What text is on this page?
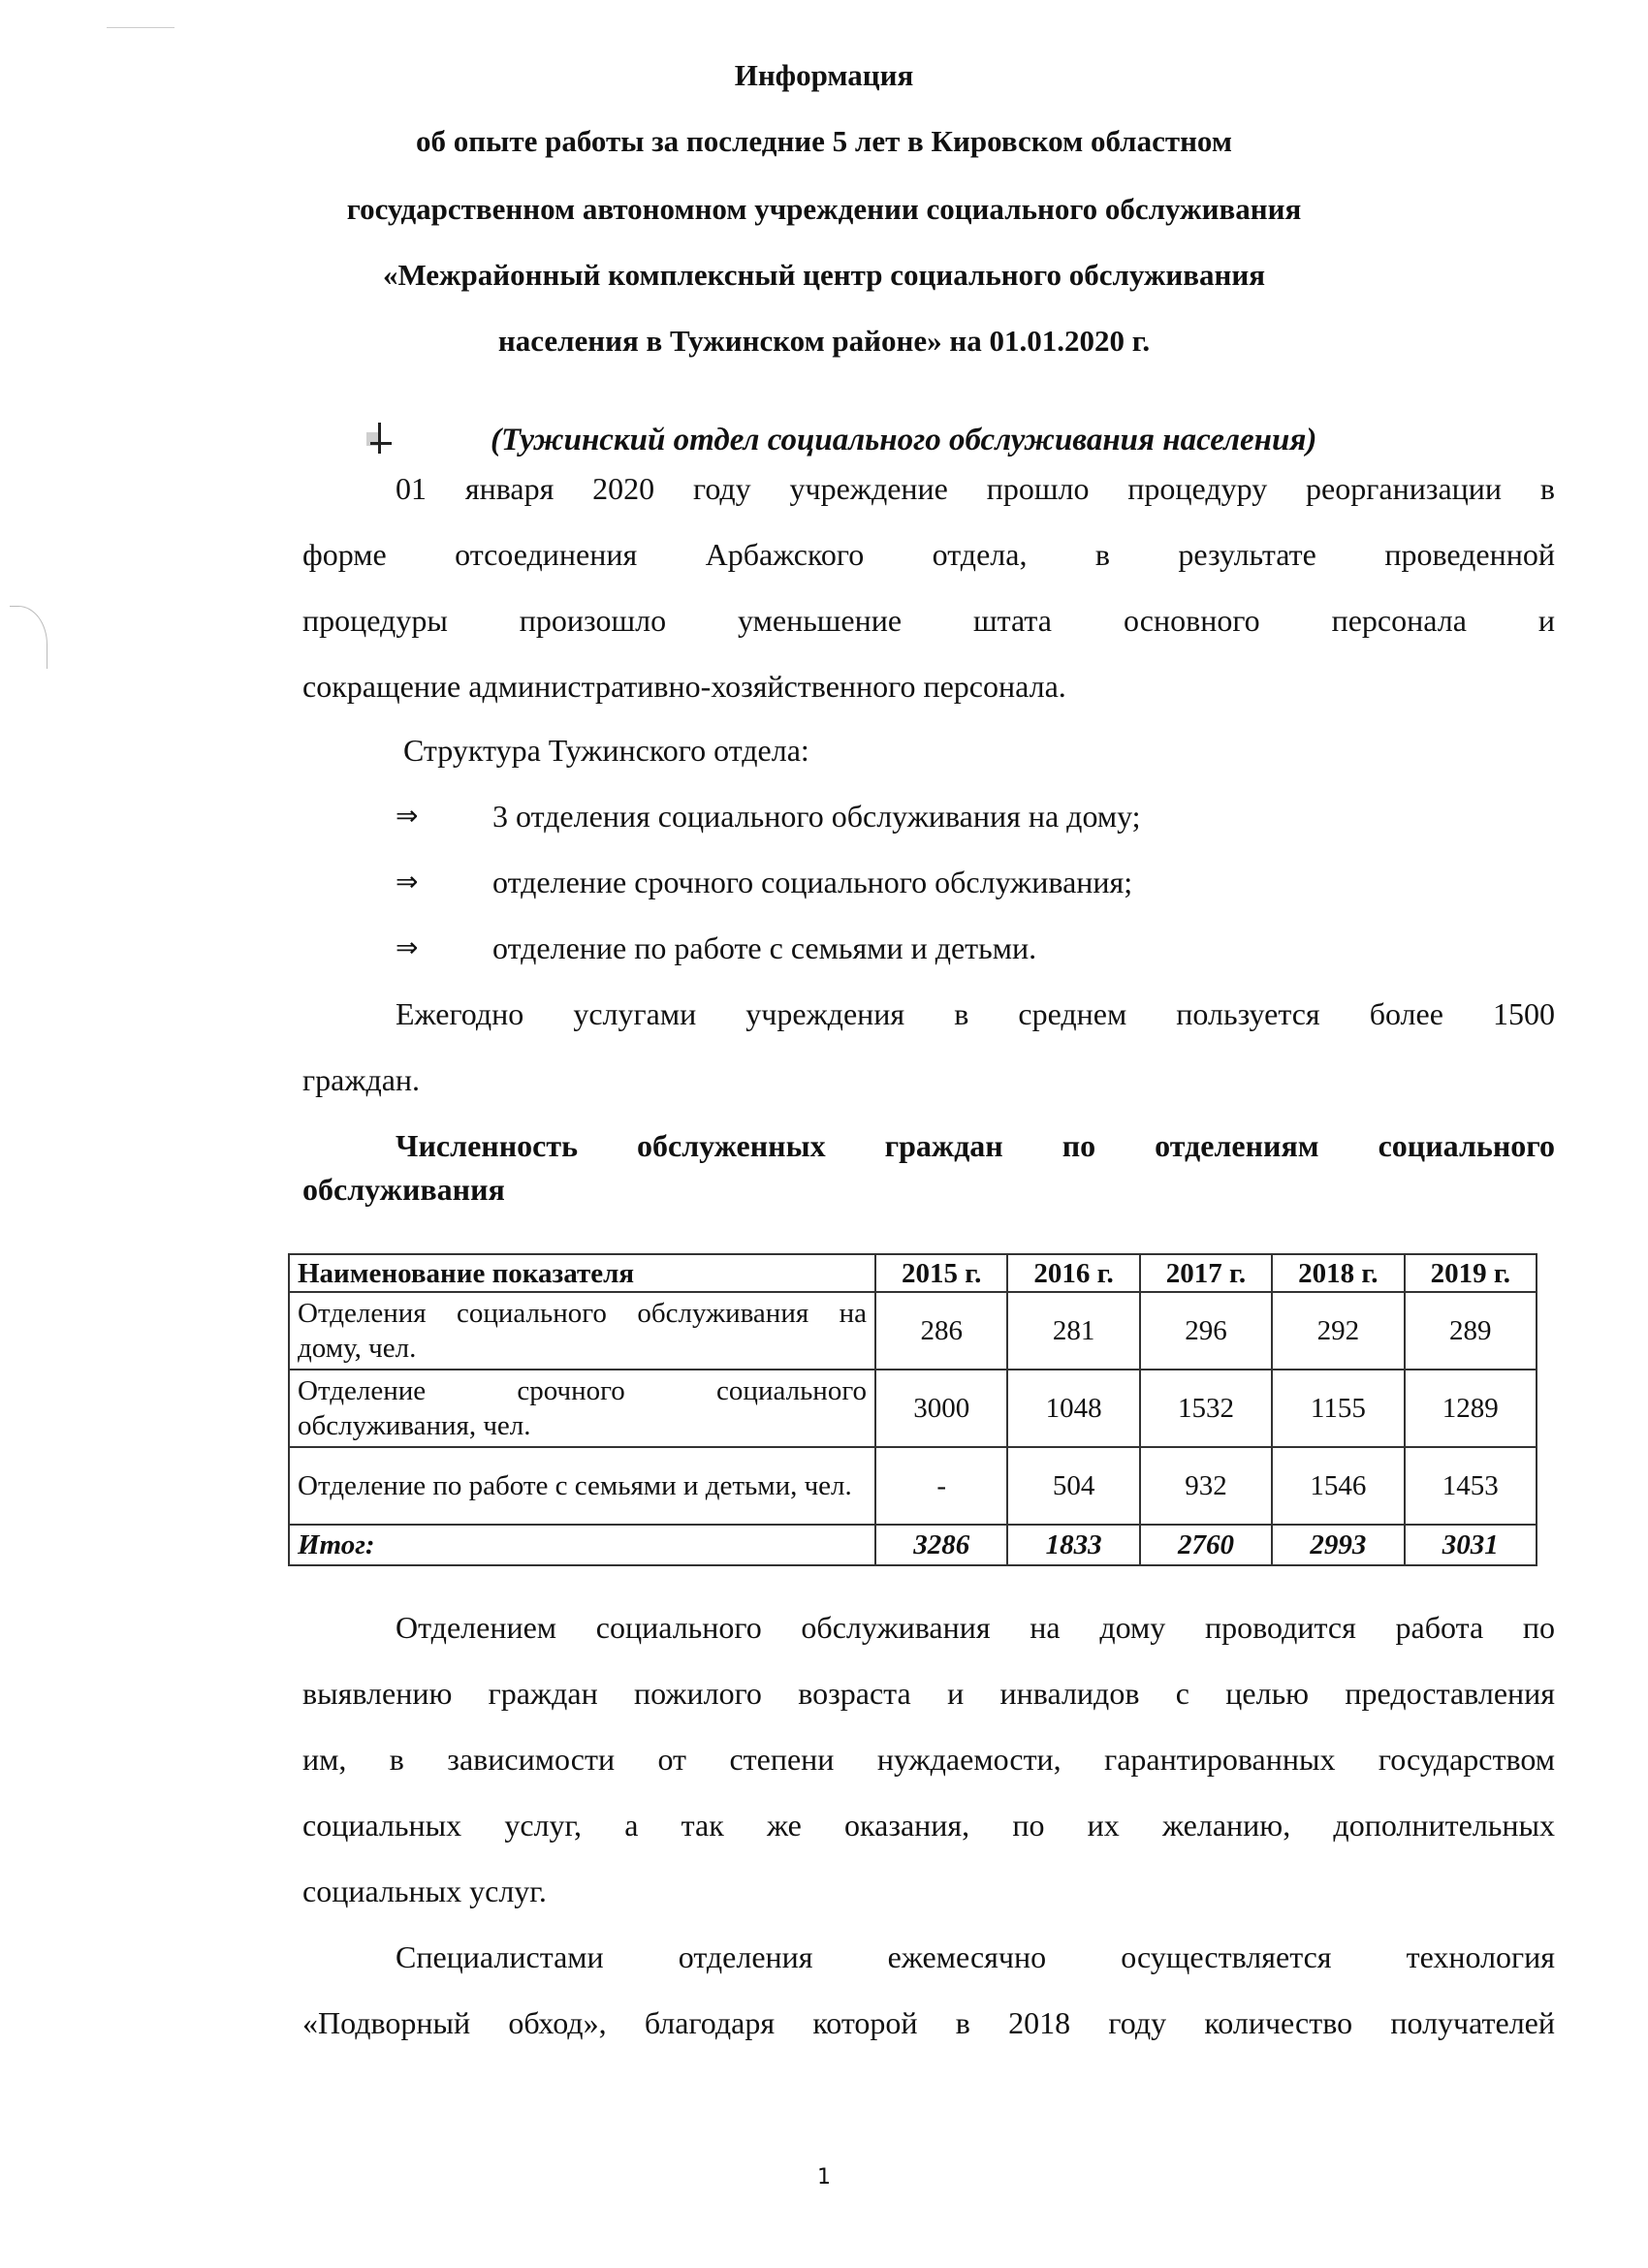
Информация
об опыте работы за последние 5 лет в Кировском областном
государственном автономном учреждении социального обслуживания
«Межрайонный комплексный центр социального обслуживания
населения в Тужинском районе» на 01.01.2020 г.
(Тужинский отдел социального обслуживания населения)
01 января 2020 году учреждение прошло процедуру реорганизации в
форме отсоединения Арбажского отдела, в результате проведенной
процедуры произошло уменьшение штата основного персонала и
сокращение административно-хозяйственного персонала.
Структура Тужинского отдела:
⇒ 3 отделения социального обслуживания на дому;
⇒ отделение срочного социального обслуживания;
⇒ отделение по работе с семьями и детьми.
Ежегодно услугами учреждения в среднем пользуется более 1500
граждан.
Численность обслуженных граждан по отделениям социального
обслуживания
Наименование показателя	2015 г.	2016 г.	2017 г.	2018 г.	2019 г.
Отделения социального обслуживания на дому, чел.	286	281	296	292	289
Отделение срочного социального обслуживания, чел.	3000	1048	1532	1155	1289
Отделение по работе с семьями и детьми, чел.	-	504	932	1546	1453
Итог:	3286	1833	2760	2993	3031
Отделением социального обслуживания на дому проводится работа по
выявлению граждан пожилого возраста и инвалидов с целью предоставления
им, в зависимости от степени нуждаемости, гарантированных государством
социальных услуг, а так же оказания, по их желанию, дополнительных
социальных услуг.
Специалистами отделения ежемесячно осуществляется технология
«Подворный обход», благодаря которой в 2018 году количество получателей
1
